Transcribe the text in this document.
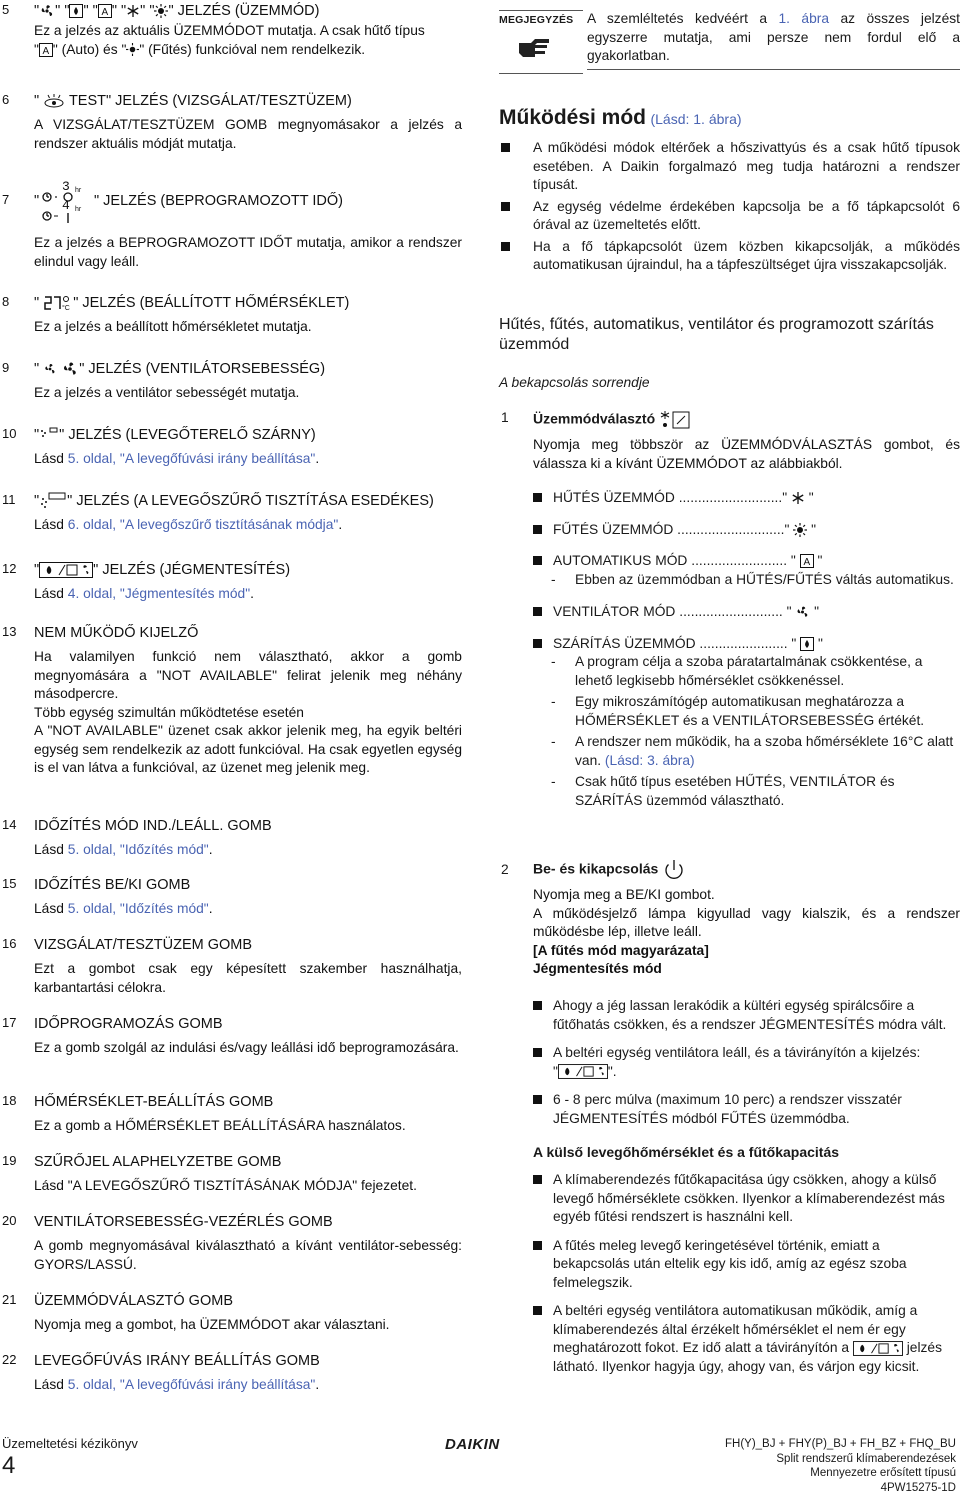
5 " " " " " A " " " " " JELZÉS (ÜZEMMÓD)

Ez a jelzés az aktuális ÜZEMMÓDOT mutatja. A csak hűtő típus

" A " (Auto) és " " (Fűtés) funkcióval nem rendelkezik.

6 "
TEST" JELZÉS (VIZSGÁLAT/TESZTÜZEM)
A VIZSGÁLAT/TESZTÜZEM GOMB megnyomásakor a jelzés a rendszer aktuális módját mutatja.
7 "
3
4
hr
hr
" JELZÉS (BEPROGRAMOZOTT IDŐ)
Ez a jelzés a BEPROGRAMOZOTT IDŐT mutatja, amikor a rendszer elindul vagy leáll.
8 "	°C " JELZÉS (BEÁLLÍTOTT HŐMÉRSÉKLET)
Ez a jelzés a beállított hőmérsékletet mutatja.
9 "
	" JELZÉS (VENTILÁTORSEBESSÉG)
Ez a jelzés a ventilátor sebességét mutatja.
10 " " JELZÉS (LEVEGŐTERELŐ SZÁRNY)
Lásd 5. oldal, "A levegőfúvási irány beállítása".
11 " " JELZÉS (A LEVEGŐSZŰRŐ TISZTÍTÁSA ESEDÉKES)
Lásd 6. oldal, "A levegőszűrő tisztításának módja".
12 "	" JELZÉS (JÉGMENTESÍTÉS)
Lásd 4. oldal, "Jégmentesítés mód".
13 NEM MŰKÖDŐ KIJELZŐ

Ha valamilyen funkció nem választható, akkor a gomb megnyomására a "NOT AVAILABLE" felirat jelenik meg néhány másodpercre.

Több egység szimultán működtetése esetén

A "NOT AVAILABLE" üzenet csak akkor jelenik meg, ha egyik beltéri egység sem rendelkezik az adott funkcióval. Ha csak egyetlen egység is el van látva a funkcióval, az üzenet meg jelenik meg.

14 IDŐZÍTÉS MÓD IND./LEÁLL. GOMB
Lásd 5. oldal, "Időzítés mód".
15 IDŐZÍTÉS BE/KI GOMB
Lásd 5. oldal, "Időzítés mód".
16 VIZSGÁLAT/TESZTÜZEM GOMB
Ezt a gombot csak egy képesített szakember használhatja, karbantartási célokra.
17 IDŐPROGRAMOZÁS GOMB
Ez a gomb szolgál az indulási és/vagy leállási idő beprogramozására.
18 HŐMÉRSÉKLET-BEÁLLÍTÁS GOMB
Ez a gomb a HŐMÉRSÉKLET BEÁLLÍTÁSÁRA használatos.
19 SZŰRŐJEL ALAPHELYZETBE GOMB
Lásd "A LEVEGŐSZŰRŐ TISZTÍTÁSÁNAK MÓDJA" fejezetet.
20 VENTILÁTORSEBESSÉG-VEZÉRLÉS GOMB
A gomb megnyomásával kiválasztható a kívánt ventilátor-sebesség: GYORS/LASSÚ.
21 ÜZEMMÓDVÁLASZTÓ GOMB
Nyomja meg a gombot, ha ÜZEMMÓDOT akar választani.
22 LEVEGŐFÚVÁS IRÁNY BEÁLLÍTÁS GOMB
Lásd 5. oldal, "A levegőfúvási irány beállítása".
MEGJEGYZÉS A szemléltetés kedvéért a 1. ábra az összes jelzést egyszerre mutatja, ami persze nem fordul elő a gyakorlatban.
Működési mód (Lásd: 1. ábra)
A működési módok eltérőek a hőszivattyús és a csak hűtő típusok esetében. A Daikin forgalmazó meg tudja határozni a rendszer típusát.
Az egység védelme érdekében kapcsolja be a fő tápkapcsolót 6 órával az üzemeltetés előtt.
Ha a fő tápkapcsolót üzem közben kikapcsolják, a működés automatikusan újraindul, ha a tápfeszültséget újra visszakapcsolják.
Hűtés, fűtés, automatikus, ventilátor és programozott szárítás üzemmód
A bekapcsolás sorrendje
1 Üzemmódválasztó
Nyomja meg többször az ÜZEMMÓDVÁLASZTÁS gombot, és válassza ki a kívánt ÜZEMMÓDOT az alábbiakból.
HŰTÉS ÜZEMMÓD ..........................."
"
FŰTÉS ÜZEMMÓD ............................"
"
AUTOMATIKUS MÓD ......................... " A "
- Ebben az üzemmódban a HŰTÉS/FŰTÉS váltás automatikus.
VENTILÁTOR MÓD ........................... "
"
SZÁRÍTÁS ÜZEMMÓD ....................... "
"
- A program célja a szoba páratartalmának csökkentése, a lehető legkisebb hőmérséklet csökkenéssel.
- Egy mikroszámítógép automatikusan meghatározza a HŐMÉRSÉKLET és a VENTILÁTORSEBESSÉG értékét.
- A rendszer nem működik, ha a szoba hőmérséklete 16°C alatt van. (Lásd: 3. ábra)
- Csak hűtő típus esetében HŰTÉS, VENTILÁTOR és SZÁRÍTÁS üzemmód választható.
2 Be- és kikapcsolás

Nyomja meg a BE/KI gombot.

A működésjelző lámpa kigyullad vagy kialszik, és a rendszer működésbe lép, illetve leáll.

[A fűtés mód magyarázata]

Jégmentesítés mód

Ahogy a jég lassan lerakódik a kültéri egység spirálcsőire a fűtőhatás csökken, és a rendszer JÉGMENTESÍTÉS módra vált.
A beltéri egység ventilátora leáll, és a távirányítón a kijelzés:
"	".
6 - 8 perc múlva (maximum 10 perc) a rendszer visszatér JÉGMENTESÍTÉS módból FŰTÉS üzemmódba.
A külső levegőhőmérséklet és a fűtőkapacitás
A klímaberendezés fűtőkapacitása úgy csökken, ahogy a külső levegő hőmérséklete csökken. Ilyenkor a klímaberendezést más egyéb fűtési rendszert is használni kell.
A fűtés meleg levegő keringetésével történik, emiatt a bekapcsolás után eltelik egy kis idő, amíg az egész szoba felmelegszik.
A beltéri egység ventilátora automatikusan működik, amíg a klímaberendezés által érzékelt hőmérséklet el nem ér egy meghatározott fokot. Ez idő alatt a távirányítón a	jelzés látható. Ilyenkor hagyja úgy, ahogy van, és várjon egy kicsit.
Üzemeltetési kézikönyv
4
DAIKIN	FH(Y)_BJ + FHY(P)_BJ + FH_BZ + FHQ_BU
Split rendszerű klímaberendezések
Mennyezetre erősített típusú
4PW15275-1D
